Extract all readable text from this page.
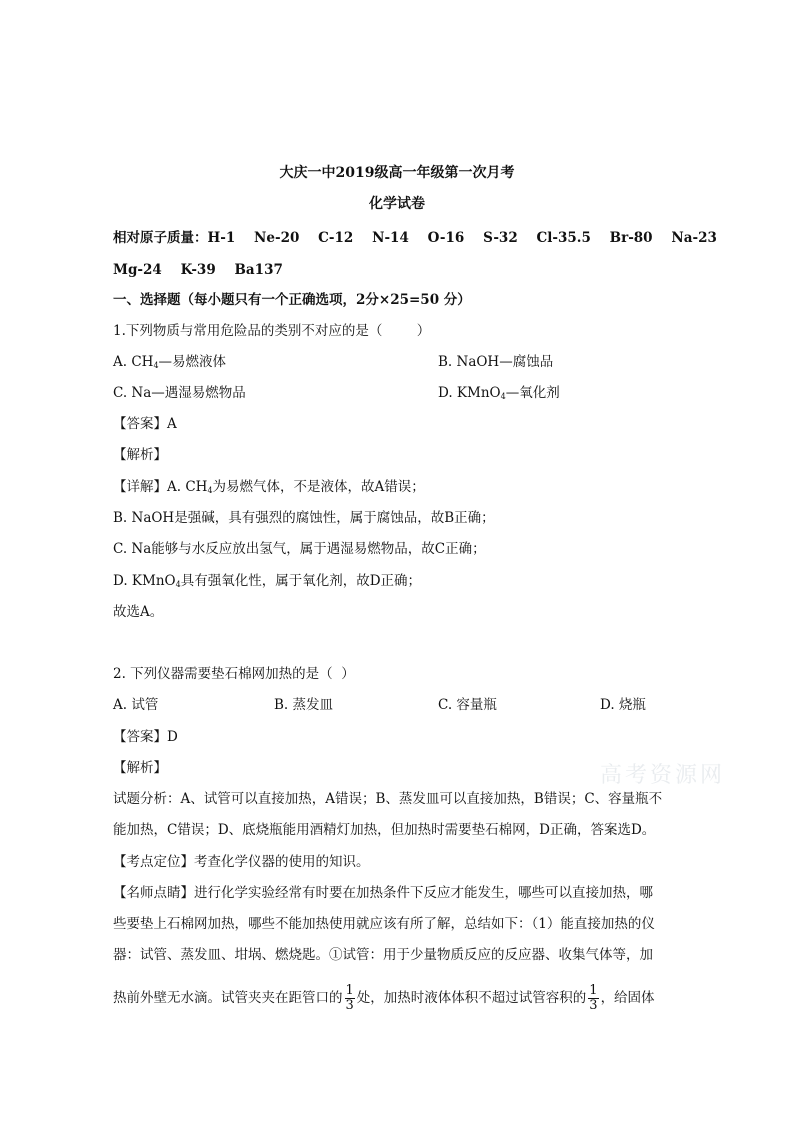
大庆一中2019级高一年级第一次月考
化学试卷
相对原子质量：H-1    Ne-20    C-12    N-14    O-16    S-32    Cl-35.5    Br-80    Na-23
Mg-24    K-39    Ba137
一、选择题（每小题只有一个正确选项，2分×25=50 分）
1.下列物质与常用危险品的类别不对应的是（        ）
A. $CH_4—$易燃液体	B. NaOH—腐蚀品
C. Na—遇湿易燃物品	D. KMnO$_4$—氧化剂
【答案】A
【解析】
【详解】A. $CH_4$为易燃气体，不是液体，故A错误；
B. NaOH是强碱，具有强烈的腐蚀性，属于腐蚀品，故B正确；
C. Na能够与水反应放出氢气，属于遇湿易燃物品，故C正确；
D. KMnO$_4$具有强氧化性，属于氧化剂，故D正确；
故选A。
2. 下列仪器需要垫石棉网加热的是（  ）
A. 试管	B. 蒸发皿	C. 容量瓶	D. 烧瓶
【答案】D
【解析】
试题分析：A、试管可以直接加热，A错误；B、蒸发皿可以直接加热，B错误；C、容量瓶不
能加热，C错误；D、底烧瓶能用酒精灯加热，但加热时需要垫石棉网，D正确，答案选D。
【考点定位】考查化学仪器的使用的知识。
【名师点睛】进行化学实验经常有时要在加热条件下反应才能发生，哪些可以直接加热，哪
些要垫上石棉网加热，哪些不能加热使用就应该有所了解，总结如下：（1）能直接加热的仪
器：试管、蒸发皿、坩埚、燃烧匙。①试管：用于少量物质反应的反应器、收集气体等，加
热前外壁无水滴。试管夹夹在距管口的 $\frac{1}{3}$ 处，加热时液体体积不超过试管容积的 $\frac{1}{3}$ ，给固体
高考资源网
